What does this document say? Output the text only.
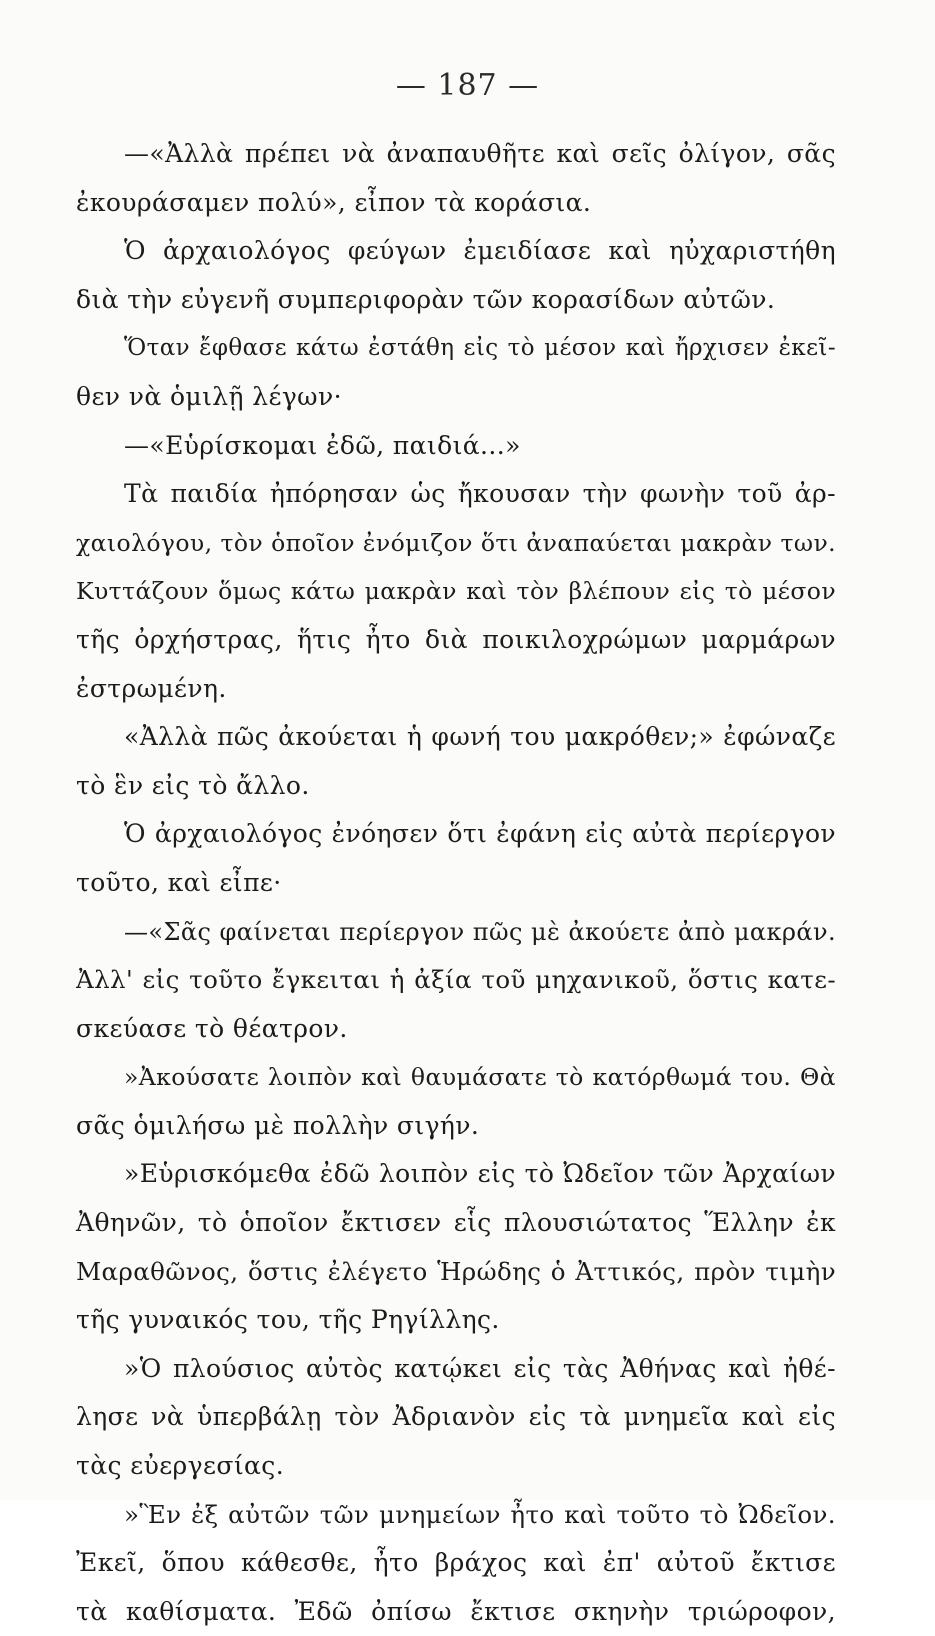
— 187 —
—«Ἀλλὰ πρέπει νὰ ἀναπαυθῆτε καὶ σεῖς ὀλίγον, σᾶς
ἐκουράσαμεν πολύ», εἶπον τὰ κοράσια.
Ὁ ἀρχαιολόγος φεύγων ἐμειδίασε καὶ ηὐχαριστήθη
διὰ τὴν εὐγενῆ συμπεριφορὰν τῶν κορασίδων αὐτῶν.
Ὅταν ἔφθασε κάτω ἐστάθη εἰς τὸ μέσον καὶ ἤρχισεν ἐκεῖ-
θεν νὰ ὁμιλῇ λέγων·
—«Εὑρίσκομαι ἐδῶ, παιδιά...»
Τὰ παιδία ἠπόρησαν ὡς ἤκουσαν τὴν φωνὴν τοῦ ἀρ-
χαιολόγου, τὸν ὁποῖον ἐνόμιζον ὅτι ἀναπαύεται μακρὰν των.
Κυττάζουν ὅμως κάτω μακρὰν καὶ τὸν βλέπουν εἰς τὸ μέσον
τῆς ὀρχήστρας, ἥτις ἦτο διὰ ποικιλοχρώμων μαρμάρων
ἐστρωμένη.
«Ἀλλὰ πῶς ἀκούεται ἡ φωνή του μακρόθεν;» ἐφώναζε
τὸ ἓν εἰς τὸ ἄλλο.
Ὁ ἀρχαιολόγος ἐνόησεν ὅτι ἐφάνη εἰς αὐτὰ περίεργον
τοῦτο, καὶ εἶπε·
—«Σᾶς φαίνεται περίεργον πῶς μὲ ἀκούετε ἀπὸ μακράν.
Ἀλλ' εἰς τοῦτο ἔγκειται ἡ ἀξία τοῦ μηχανικοῦ, ὅστις κατε-
σκεύασε τὸ θέατρον.
»Ἀκούσατε λοιπὸν καὶ θαυμάσατε τὸ κατόρθωμά του. Θὰ
σᾶς ὁμιλήσω μὲ πολλὴν σιγήν.
»Εὑρισκόμεθα ἐδῶ λοιπὸν εἰς τὸ Ὠδεῖον τῶν Ἀρχαίων
Ἀθηνῶν, τὸ ὁποῖον ἔκτισεν εἷς πλουσιώτατος Ἕλλην ἐκ
Μαραθῶνος, ὅστις ἐλέγετο Ἡρώδης ὁ Ἀττικός, πρὸν τιμὴν
τῆς γυναικός του, τῆς Ρηγίλλης.
»Ὁ πλούσιος αὐτὸς κατῴκει εἰς τὰς Ἀθήνας καὶ ἠθέ-
λησε νὰ ὑπερβάλῃ τὸν Ἀδριανὸν εἰς τὰ μνημεῖα καὶ εἰς
τὰς εὐεργεσίας.
»Ἓν ἐξ αὐτῶν τῶν μνημείων ἦτο καὶ τοῦτο τὸ Ὠδεῖον.
Ἐκεῖ, ὅπου κάθεσθε, ἦτο βράχος καὶ ἐπ' αὐτοῦ ἔκτισε
τὰ καθίσματα. Ἐδῶ ὀπίσω ἔκτισε σκηνὴν τριώροφον,
